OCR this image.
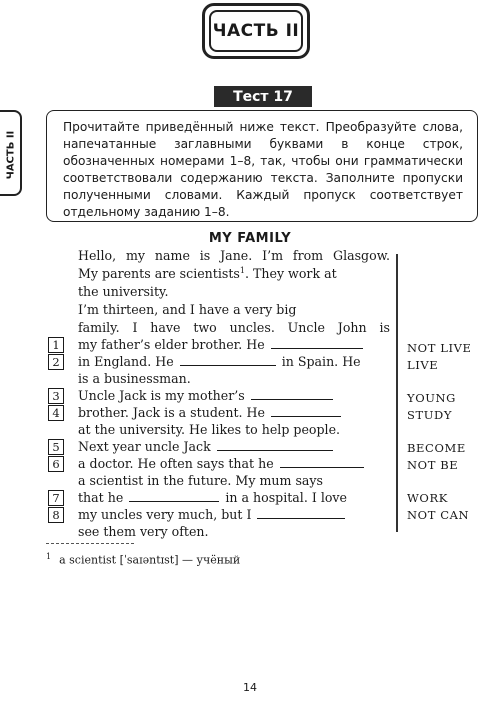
ЧАСТЬ II
ЧАСТЬ II
Тест 17
Прочитайте приведённый ниже текст. Преобразуйте слова, напечатанные заглавными буквами в конце строк, обозначенных номерами 1–8, так, чтобы они грамматически соответствовали содержанию текста. Заполните пропуски полученными словами. Каждый пропуск соответствует отдельному заданию 1–8.
MY FAMILY
Hello, my name is Jane. I’m from Glasgow.
My parents are scientists$^1$. They work at
the university.
I’m thirteen, and I have a very big
family. I have two uncles. Uncle John is
1	my father’s elder brother. He
2	in England. He	in Spain. He
is a businessman.
3	Uncle Jack is my mother’s
4	brother. Jack is a student. He
at the university. He likes to help people.
5	Next year uncle Jack
6	a doctor. He often says that he
a scientist in the future. My mum says
7	that he	in a hospital. I love
8	my uncles very much, but I
see them very often.
NOT LIVE
LIVE
YOUNG
STUDY
BECOME
NOT BE
WORK
NOT CAN
$^1$ a scientist [ˈsaɪəntɪst] — учёный
14
